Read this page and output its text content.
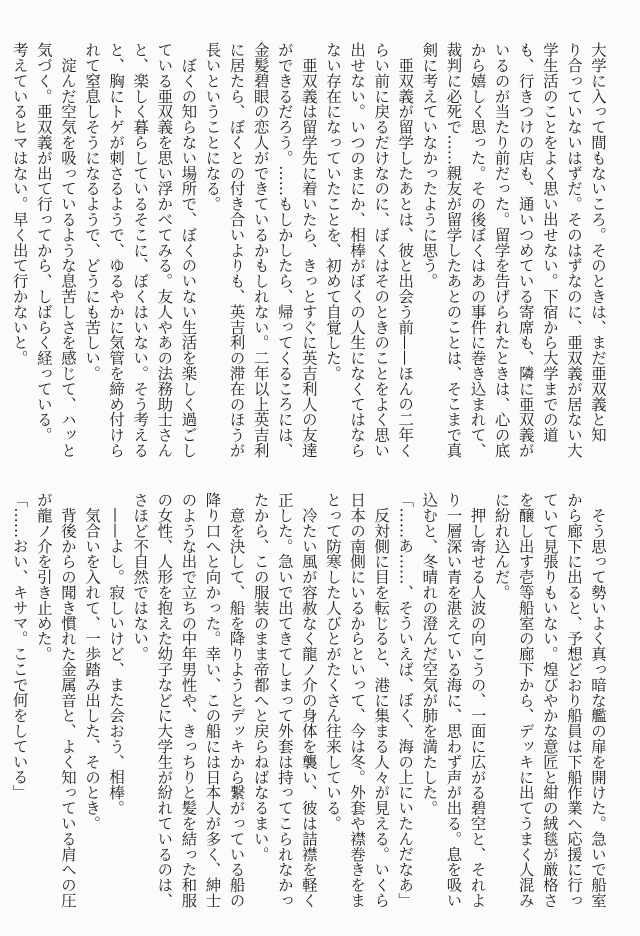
大学に入って間もないころ。そのときは、まだ亜双義と知
り合っていないはずだ。そのはずなのに、亜双義が居ない大
学生活のことをよく思い出せない。下宿から大学までの道
も、行きつけの店も、通いつめている寄席も、隣に亜双義が
いるのが当たり前だった。留学を告げられたときは、心の底
から嬉しく思った。その後ぼくはあの事件に巻き込まれて、
裁判に必死で……親友が留学したあとのことは、そこまで真
剣に考えていなかったように思う。
　亜双義が留学したあとは、彼と出会う前——ほんの二年く
らい前に戻るだけなのに、ぼくはそのときのことをよく思い
出せない。いつのまにか、相棒がぼくの人生になくてはなら
ない存在になっていたことを、初めて自覚した。
　亜双義は留学先に着いたら、きっとすぐに英吉利人の友達
ができるだろう。……もしかしたら、帰ってくるころには、
金髪碧眼の恋人ができているかもしれない。二年以上英吉利
に居たら、ぼくとの付き合いよりも、英吉利の滞在のほうが
長いということになる。
　ぼくの知らない場所で、ぼくのいない生活を楽しく過ごし
ている亜双義を思い浮かべてみる。友人やあの法務助士さん
と、楽しく暮らしているそこに、ぼくはいない。そう考える
と、胸にトゲが刺さるようで、ゆるやかに気管を締め付けら
れて窒息しそうになるようで、どうにも苦しい。
　淀んだ空気を吸っているような息苦しさを感じて、ハッと
気づく。亜双義が出て行ってから、しばらく経っている。
考えているヒマはない。早く出て行かないと。
　そう思って勢いよく真っ暗な艦の扉を開けた。急いで船室
から廊下に出ると、予想どおり船員は下船作業へ応援に行っ
ていて見張りもいない。煌びやかな意匠と紺の絨毯が厳格さ
を醸し出す壱等船室の廊下から、デッキに出てうまく人混み
に紛れ込んだ。
　押し寄せる人波の向こうの、一面に広がる碧空と、それよ
り一層深い青を湛えている海に、思わず声が出る。息を吸い
込むと、冬晴れの澄んだ空気が肺を満たした。
「……あ……、そういえば、ぼく、海の上にいたんだなあ」
　反対側に目を転じると、港に集まる人々が見える。いくら
日本の南側にいるからといって、今は冬。外套や襟巻きをま
とって防寒した人びとがたくさん往来している。
　冷たい風が容赦なく龍ノ介の身体を襲い、彼は詰襟を軽く
正した。急いで出てきてしまって外套は持ってこられなかっ
たから、この服装のまま帝都へと戻らねばなるまい。
　意を決して、船を降りようとデッキから繋がっている船の
降り口へと向かった。幸い、この船には日本人が多く、紳士
のような出で立ちの中年男性や、きっちりと髪を結った和服
の女性、人形を抱えた幼子などに大学生が紛れているのは、
さほど不自然ではない。
　——よし。寂しいけど、また会おう、相棒。
　気合いを入れて、一歩踏み出した、そのとき。
　背後からの聞き慣れた金属音と、よく知っている肩への圧
が龍ノ介を引き止めた。
「……おい、キサマ。ここで何をしている」
